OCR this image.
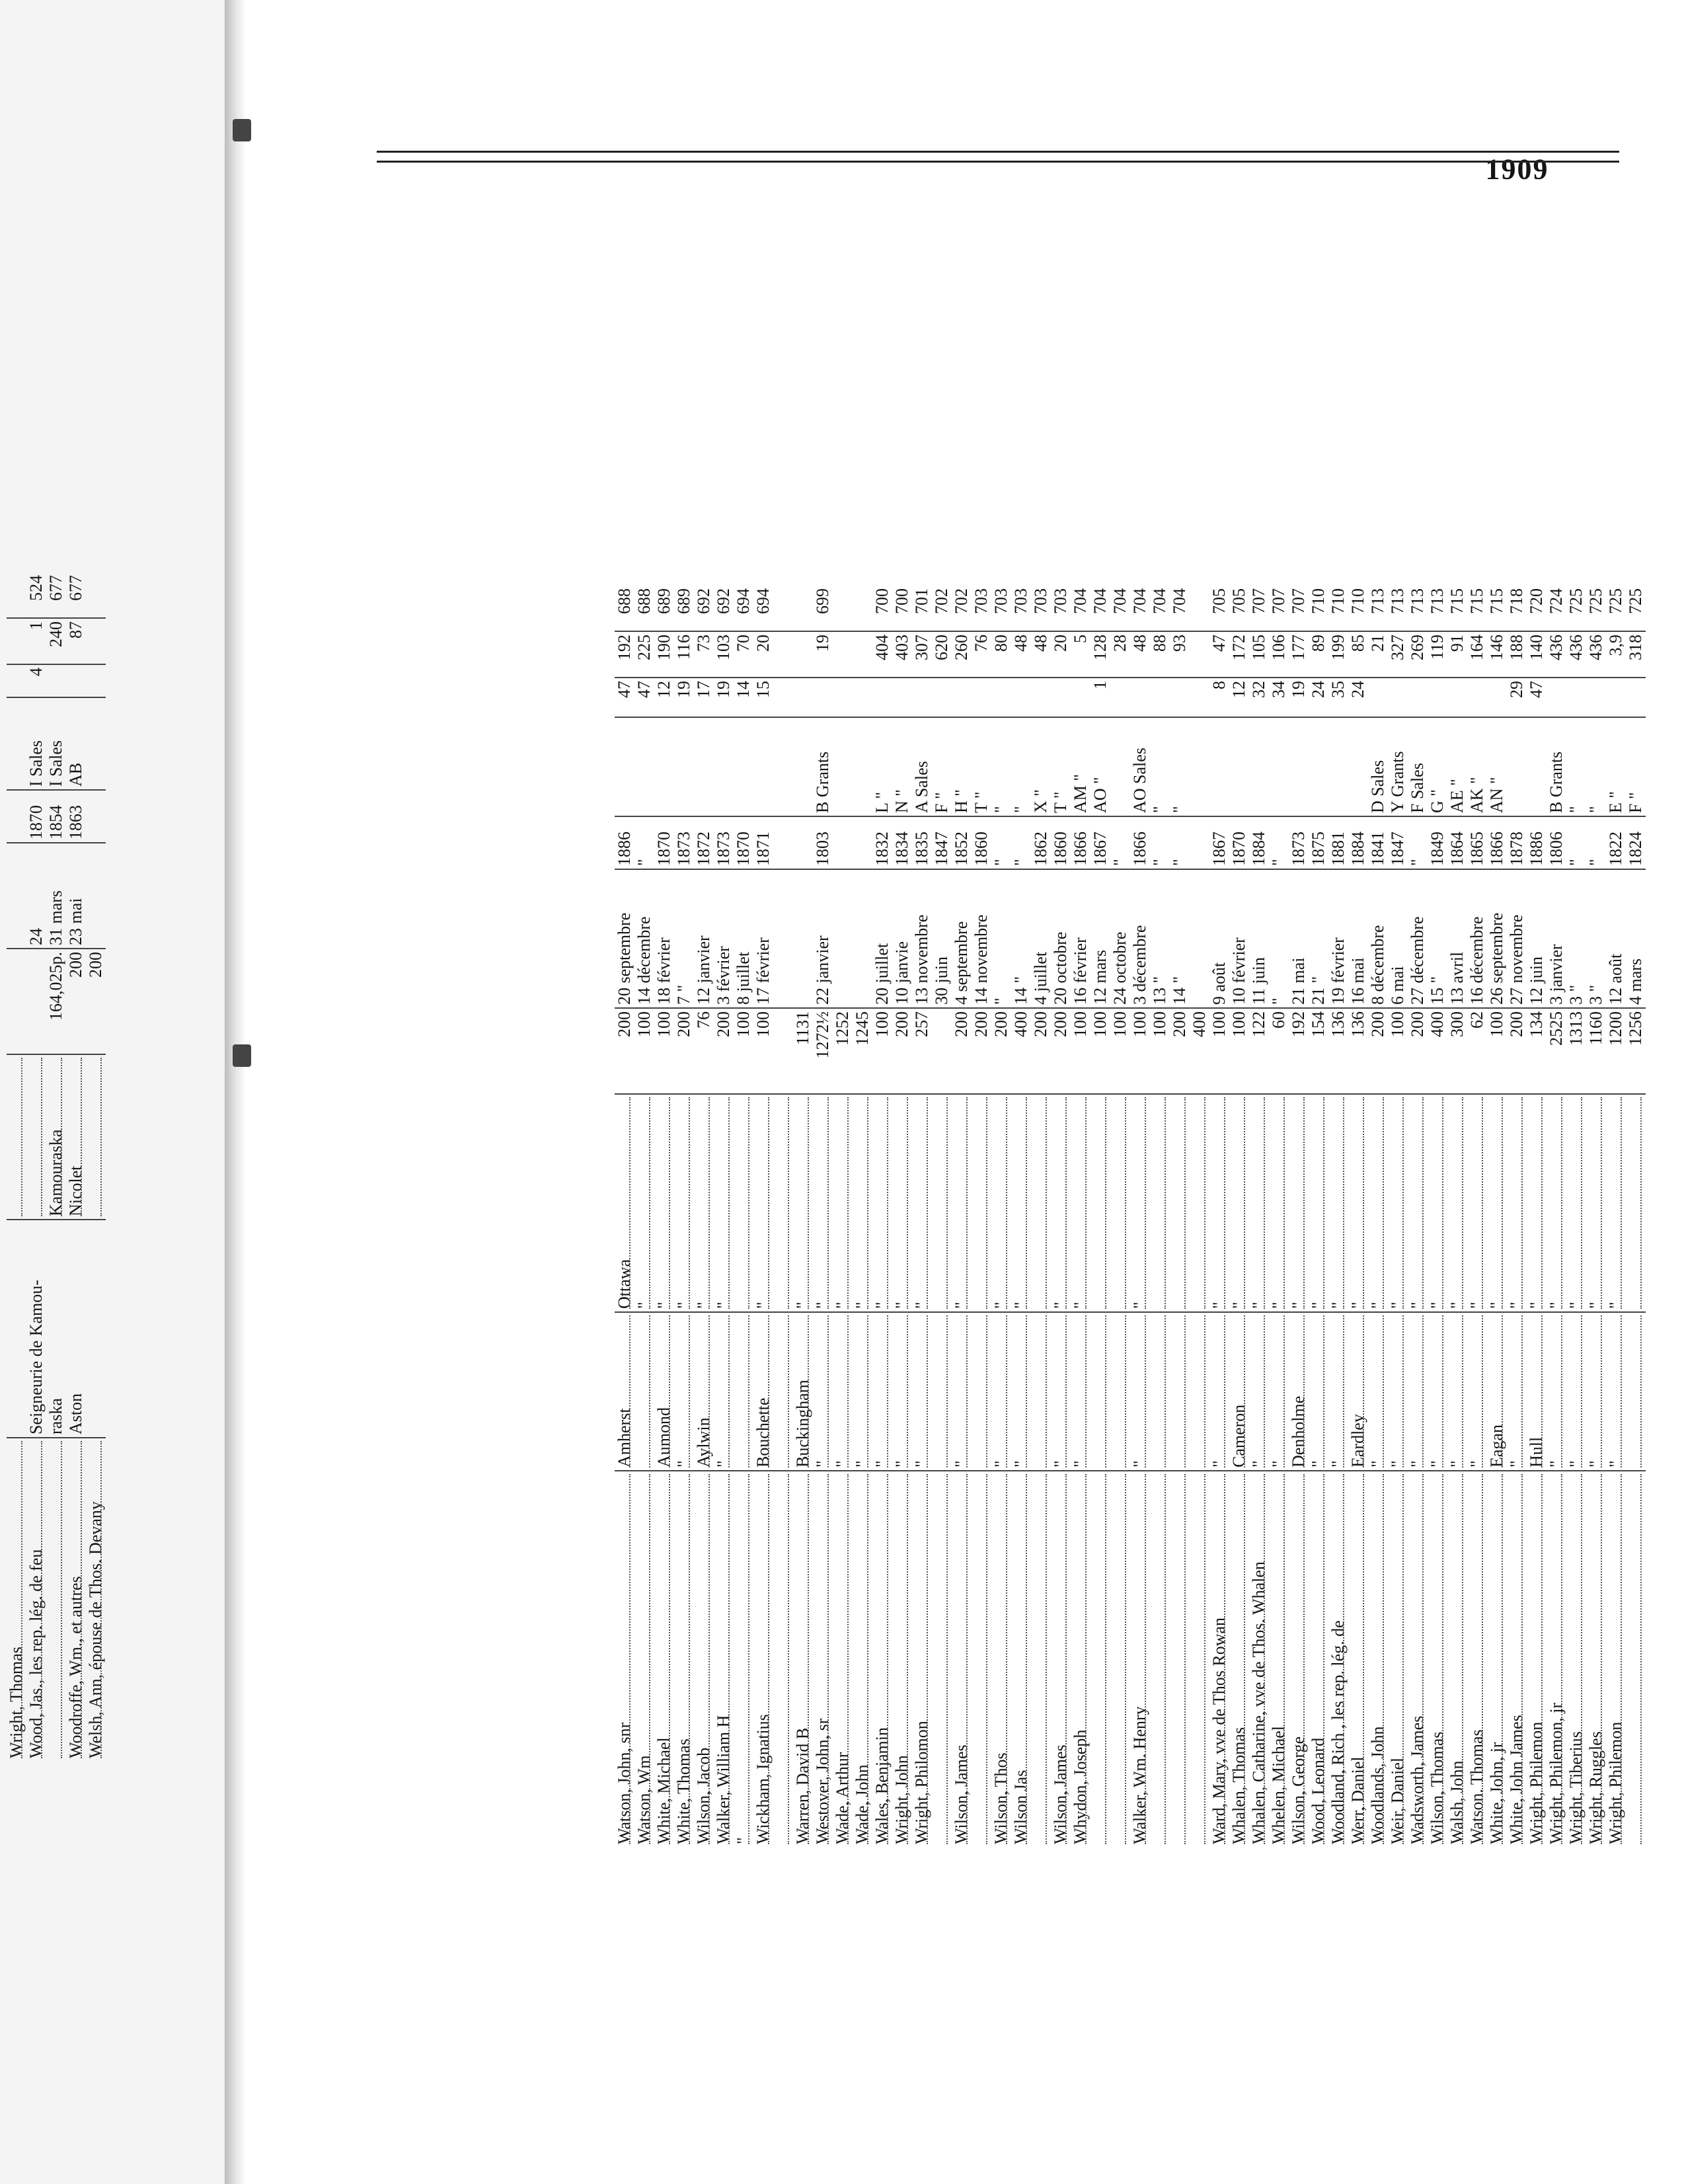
Wright, Thomas									
Wood, Jas., les rep. lég. de feu	Seigneurie de Kamou-			24	1870	I Sales	4	1	524
	raska	Kamouraska	164,025p.	31 mars	1854	I Sales		240	677
Woodroffe, Wm., et autres	Aston	Nicolet	200	23 mai	1863	AB		87	677
Welsh, Ann, épouse de Thos. Devany			200						
1909
Watson, John, snr	Amherst	Ottawa	200	20 septembre	1886		47	192	688
Watson, Wm		"	100	14 décembre	"		47	225	688
White, Michael	Aumond	"	100	18 février	1870		12	190	689
White, Thomas	"	"	200	7 "	1873		19	116	689
Wilson, Jacob	Aylwin	"	76	12 janvier	1872		17	73	692
Walker, William H	"	"	200	3 février	1873		19	103	692
"			100	8 juillet	1870		14	70	694
Wickham, Ignatius	Bouchette	"	100	17 février	1871		15	20	694

Warren, David B	Buckingham	"	1131						
Westover, John, sr	"	"	1272½	22 janvier	1803	B Grants		19	699
Wade, Arthur	"	"	1252						
Wade, John	"	"	1245						
Wales, Benjamin	"	"	100	20 juillet	1832	L "		404	700
Wright, John	"	"	200	10 janvie	1834	N "		403	700
Wright, Philomon	"	"	257	13 novembre	1835	A Sales		307	701
				30 juin	1847	F "		620	702
Wilson, James	"	"	200	4 septembre	1852	H "		260	702
			200	14 novembre	1860	T "		76	703
Wilson, Thos	"	"	200	"	"	"		80	703
Wilson Jas	"	"	400	14 "	"	"		48	703
			200	4 juillet	1862	X "		48	703
Wilson, James	"	"	200	20 octobre	1860	T "		20	703
Whydon, Joseph	"	"	100	16 février	1866	AM "		5	704
			100	12 mars	1867	AO "	1	128	704
			100	24 octobre	"			28	704
Walker, Wm. Henry	"	"	100	3 décembre	1866	AO Sales		48	704
			100	13 "	"	"		88	704
			200	14 "	"	"		93	704
			400						
Ward, Mary, vve de Thos Rowan	"	"	100	9 août	1867		8	47	705
Whalen, Thomas	Cameron	"	100	10 février	1870		12	172	705
Whalen, Catharine, vve de Thos. Whalen	"	"	122	11 juin	1884		32	105	707
Whelen, Michael	"	"	60	"	"		34	106	707
Wilson, George	Denholme	"	192	21 mai	1873		19	177	707
Wood, Leonard	"	"	154	21 "	1875		24	89	710
Woodland, Rich , les rep. lég. de	"	"	136	19 février	1881		35	199	710
Werr, Daniel	Eardley	"	136	16 mai	1884		24	85	710
Woodlands, John	"	"	200	8 décembre	1841	D Sales		21	713
Weir, Daniel	"	"	100	6 mai	1847	Y Grants		327	713
Wadsworth, James	"	"	200	27 décembre	"	F Sales		269	713
Wilson, Thomas	"	"	400	15 "	1849	G "		119	713
Walsh, John	"	"	300	13 avril	1864	AE "		91	715
Watson. Thomas	"	"	62	16 décembre	1865	AK "		164	715
White, John, jr	Eagan	"	100	26 septembre	1866	AN "		146	715
White, John James	"	"	200	27 novembre	1878		29	188	718
Wright, Philemon	Hull	"	134	12 juin	1886		47	140	720
Wright, Philemon, jr	"	"	2525	3 janvier	1806	B Grants		436	724
Wright, Tiberius	"	"	1313	3 "	"	"		436	725
Wright, Ruggles	"	"	1160	3 "	"	"		436	725
Wright, Philemon	"	"	1200	12 août	1822	E "		3,9	725
			1256	4 mars	1824	F "		318	725
